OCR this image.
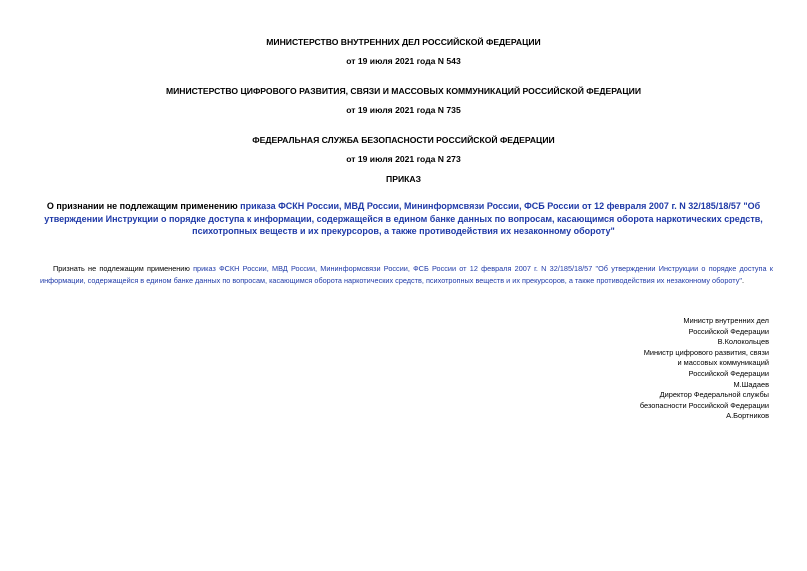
МИНИСТЕРСТВО ВНУТРЕННИХ ДЕЛ РОССИЙСКОЙ ФЕДЕРАЦИИ
от 19 июля 2021 года N 543
МИНИСТЕРСТВО ЦИФРОВОГО РАЗВИТИЯ, СВЯЗИ И МАССОВЫХ КОММУНИКАЦИЙ РОССИЙСКОЙ ФЕДЕРАЦИИ
от 19 июля 2021 года N 735
ФЕДЕРАЛЬНАЯ СЛУЖБА БЕЗОПАСНОСТИ РОССИЙСКОЙ ФЕДЕРАЦИИ
от 19 июля 2021 года N 273
ПРИКАЗ
О признании не подлежащим применению приказа ФСКН России, МВД России, Мининформсвязи России, ФСБ России от 12 февраля 2007 г. N 32/185/18/57 "Об утверждении Инструкции о порядке доступа к информации, содержащейся в едином банке данных по вопросам, касающимся оборота наркотических средств, психотропных веществ и их прекурсоров, а также противодействия их незаконному обороту"
Признать не подлежащим применению приказ ФСКН России, МВД России, Мининформсвязи России, ФСБ России от 12 февраля 2007 г. N 32/185/18/57 "Об утверждении Инструкции о порядке доступа к информации, содержащейся в едином банке данных по вопросам, касающимся оборота наркотических средств, психотропных веществ и их прекурсоров, а также противодействия их незаконному обороту".
Министр внутренних дел
Российской Федерации
В.Колокольцев
Министр цифрового развития, связи
и массовых коммуникаций
Российской Федерации
М.Шадаев
Директор Федеральной службы
безопасности Российской Федерации
А.Бортников
